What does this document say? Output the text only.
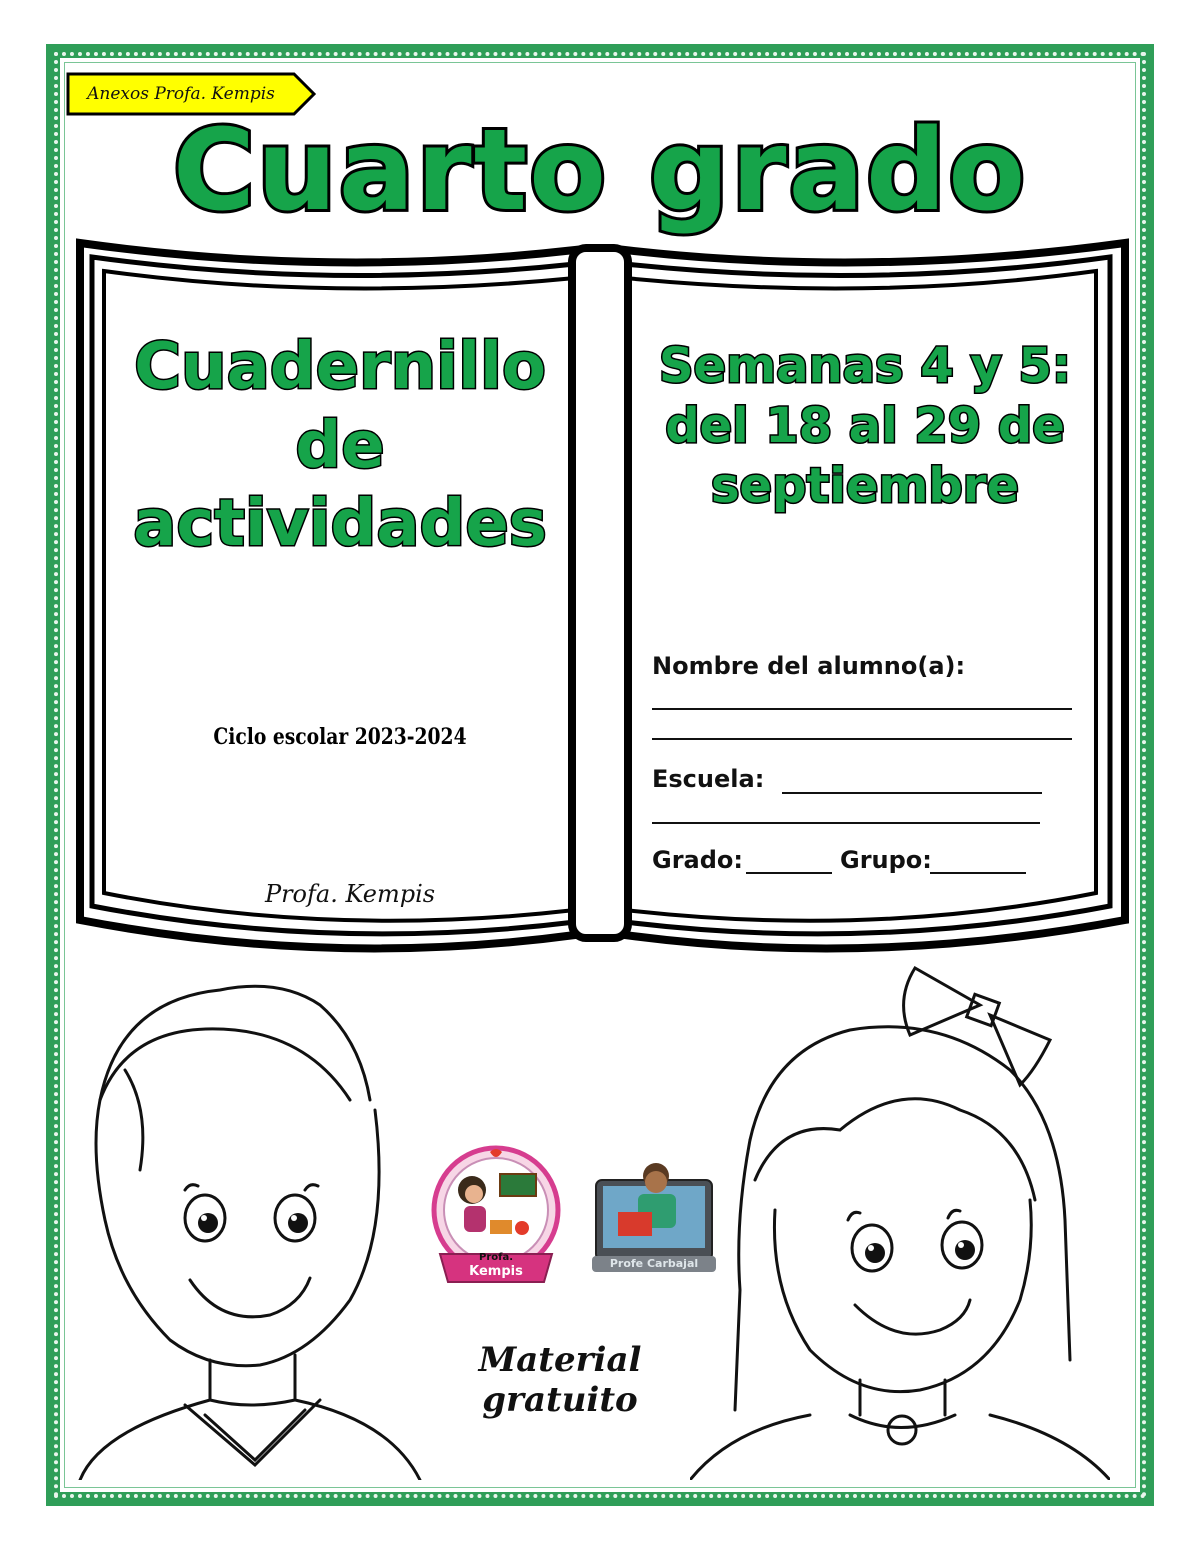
Anexos Profa. Kempis
Cuarto grado
Cuadernillo
de
actividades
Ciclo escolar 2023-2024
Profa. Kempis
Semanas 4 y 5:
del 18 al 29 de
septiembre
Nombre del alumno(a):
Escuela:
Grado:	Grupo:
Profa.
Kempis
Profe Carbajal
Material gratuito
